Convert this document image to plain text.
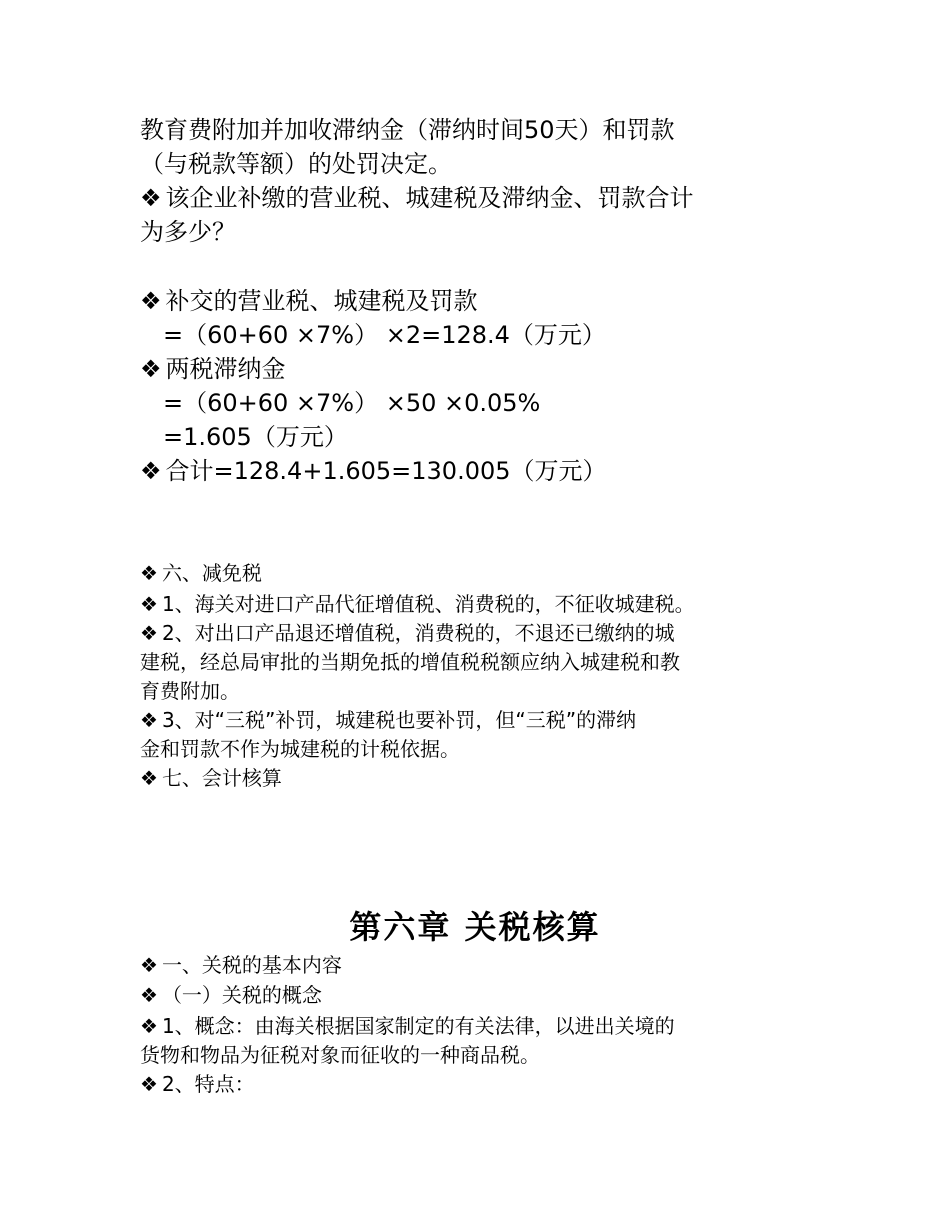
教育费附加并加收滞纳金（滞纳时间50天）和罚款
（与税款等额）的处罚决定。
❖ 该企业补缴的营业税、城建税及滞纳金、罚款合计
为多少？
❖ 补交的营业税、城建税及罚款
=（60+60 ×7%） ×2=128.4（万元）
❖ 两税滞纳金
=（60+60 ×7%） ×50 ×0.05%
=1.605（万元）
❖ 合计=128.4+1.605=130.005（万元）
❖ 六、减免税
❖ 1、海关对进口产品代征增值税、消费税的，不征收城建税。
❖ 2、对出口产品退还增值税，消费税的，不退还已缴纳的城
建税，经总局审批的当期免抵的增值税税额应纳入城建税和教
育费附加。
❖ 3、对“三税”补罚，城建税也要补罚，但“三税”的滞纳
金和罚款不作为城建税的计税依据。
❖ 七、会计核算
第六章 关税核算
❖ 一、关税的基本内容
❖ （一）关税的概念
❖ 1、概念：由海关根据国家制定的有关法律，以进出关境的
货物和物品为征税对象而征收的一种商品税。
❖ 2、特点：
